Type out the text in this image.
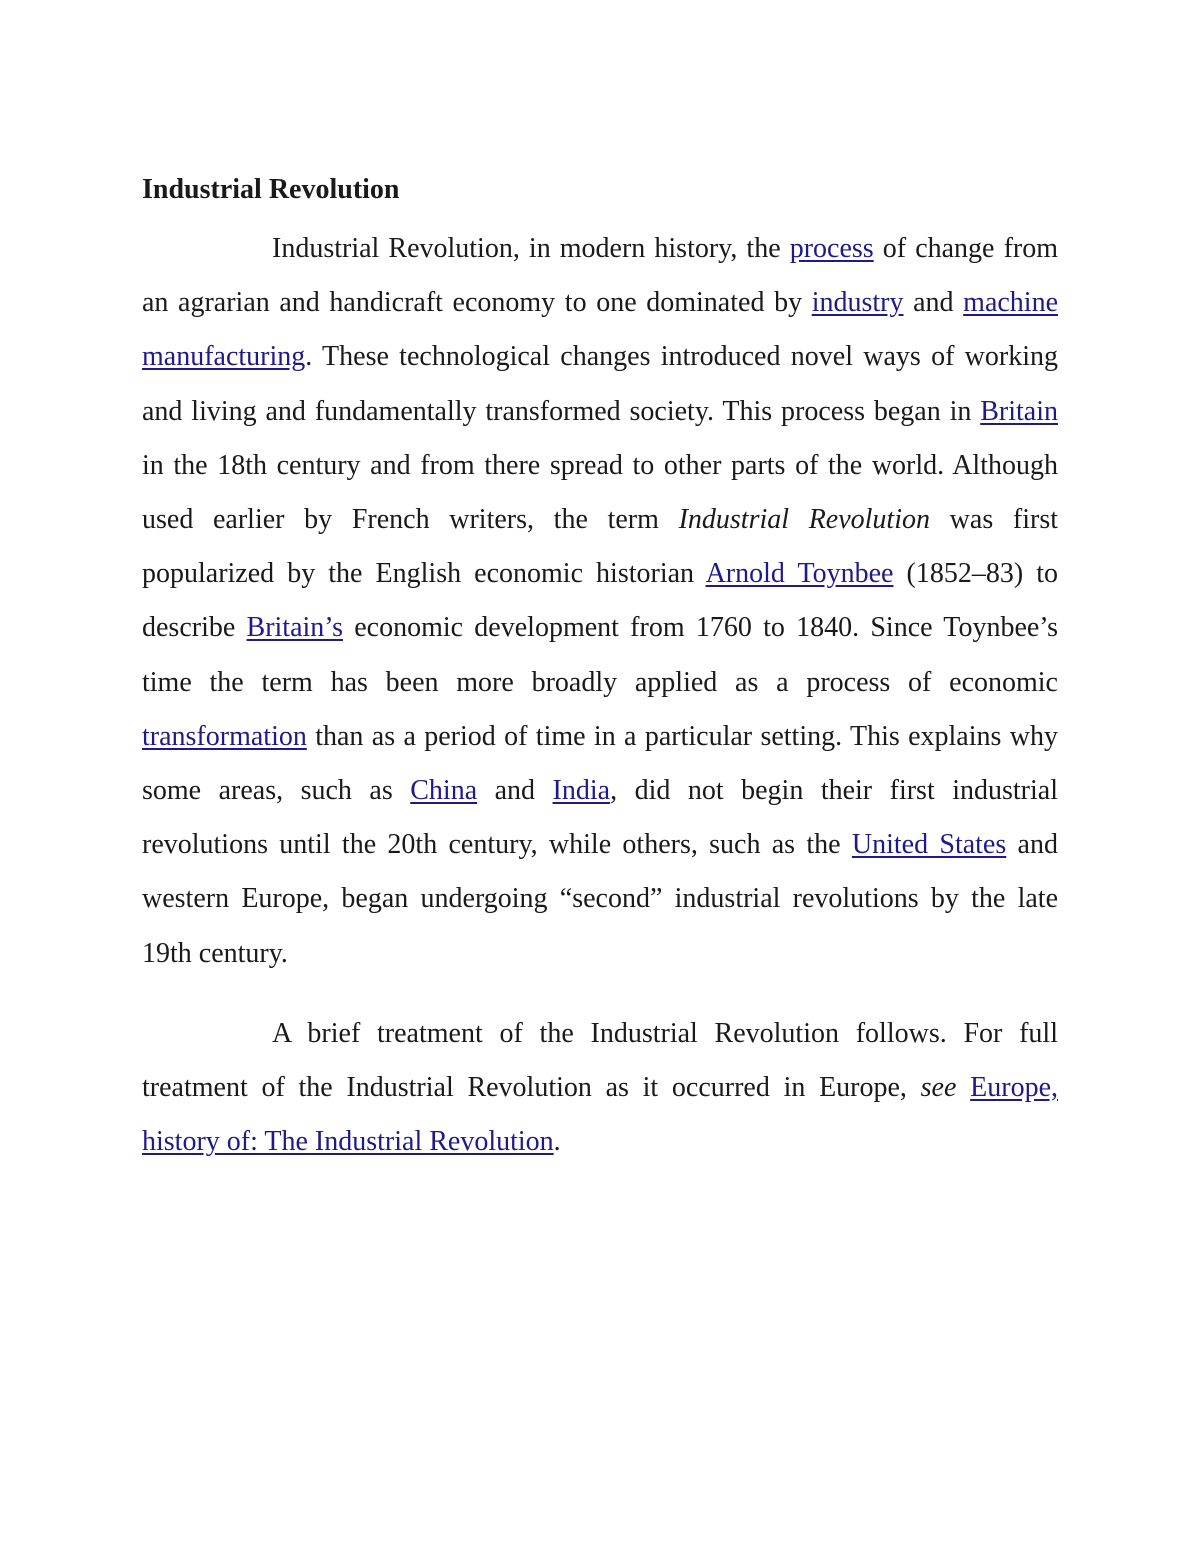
Industrial Revolution

Industrial Revolution, in modern history, the process of change from an agrarian and handicraft economy to one dominated by industry and machine manufacturing. These technological changes introduced novel ways of working and living and fundamentally transformed society. This process began in Britain in the 18th century and from there spread to other parts of the world. Although used earlier by French writers, the term Industrial Revolution was first popularized by the English economic historian Arnold Toynbee (1852–83) to describe Britain’s economic development from 1760 to 1840. Since Toynbee’s time the term has been more broadly applied as a process of economic transformation than as a period of time in a particular setting. This explains why some areas, such as China and India, did not begin their first industrial revolutions until the 20th century, while others, such as the United States and western Europe, began undergoing “second” industrial revolutions by the late 19th century.

A brief treatment of the Industrial Revolution follows. For full treatment of the Industrial Revolution as it occurred in Europe, see Europe, history of: The Industrial Revolution.
